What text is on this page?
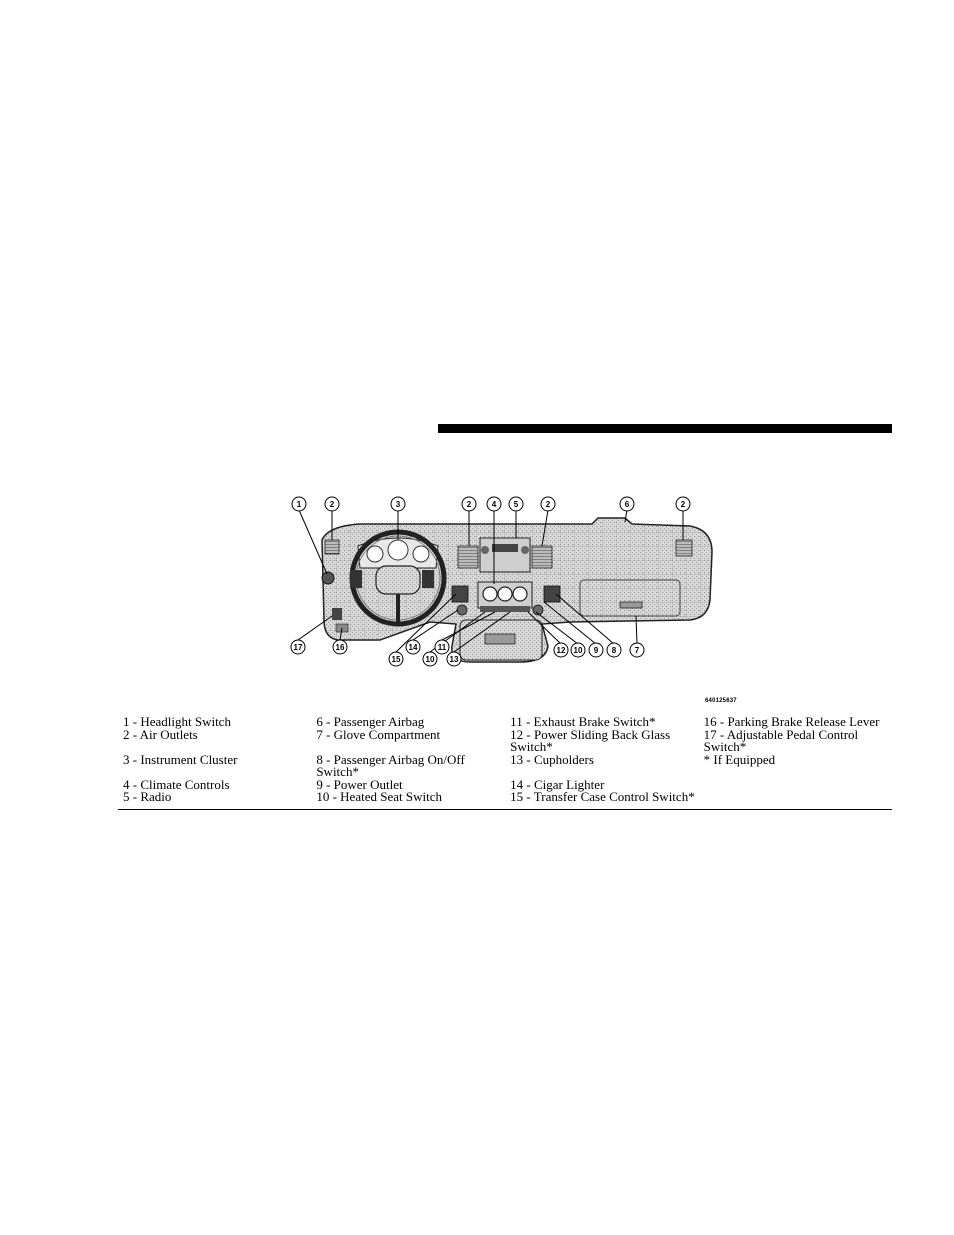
1	2	3	2	4 5	2	6	2
17	16
15
14
10
11
13
12 10 9 8 7
640125637
1 - Headlight Switch	6 - Passenger Airbag	11 - Exhaust Brake Switch*	16 - Parking Brake Release Lever
2 - Air Outlets	7 - Glove Compartment	12 - Power Sliding Back Glass Switch*	17 - Adjustable Pedal Control Switch*
3 - Instrument Cluster	8 - Passenger Airbag On/Off Switch*	13 - Cupholders	* If Equipped
4 - Climate Controls	9 - Power Outlet	14 - Cigar Lighter	
5 - Radio	10 - Heated Seat Switch	15 - Transfer Case Control Switch*	
